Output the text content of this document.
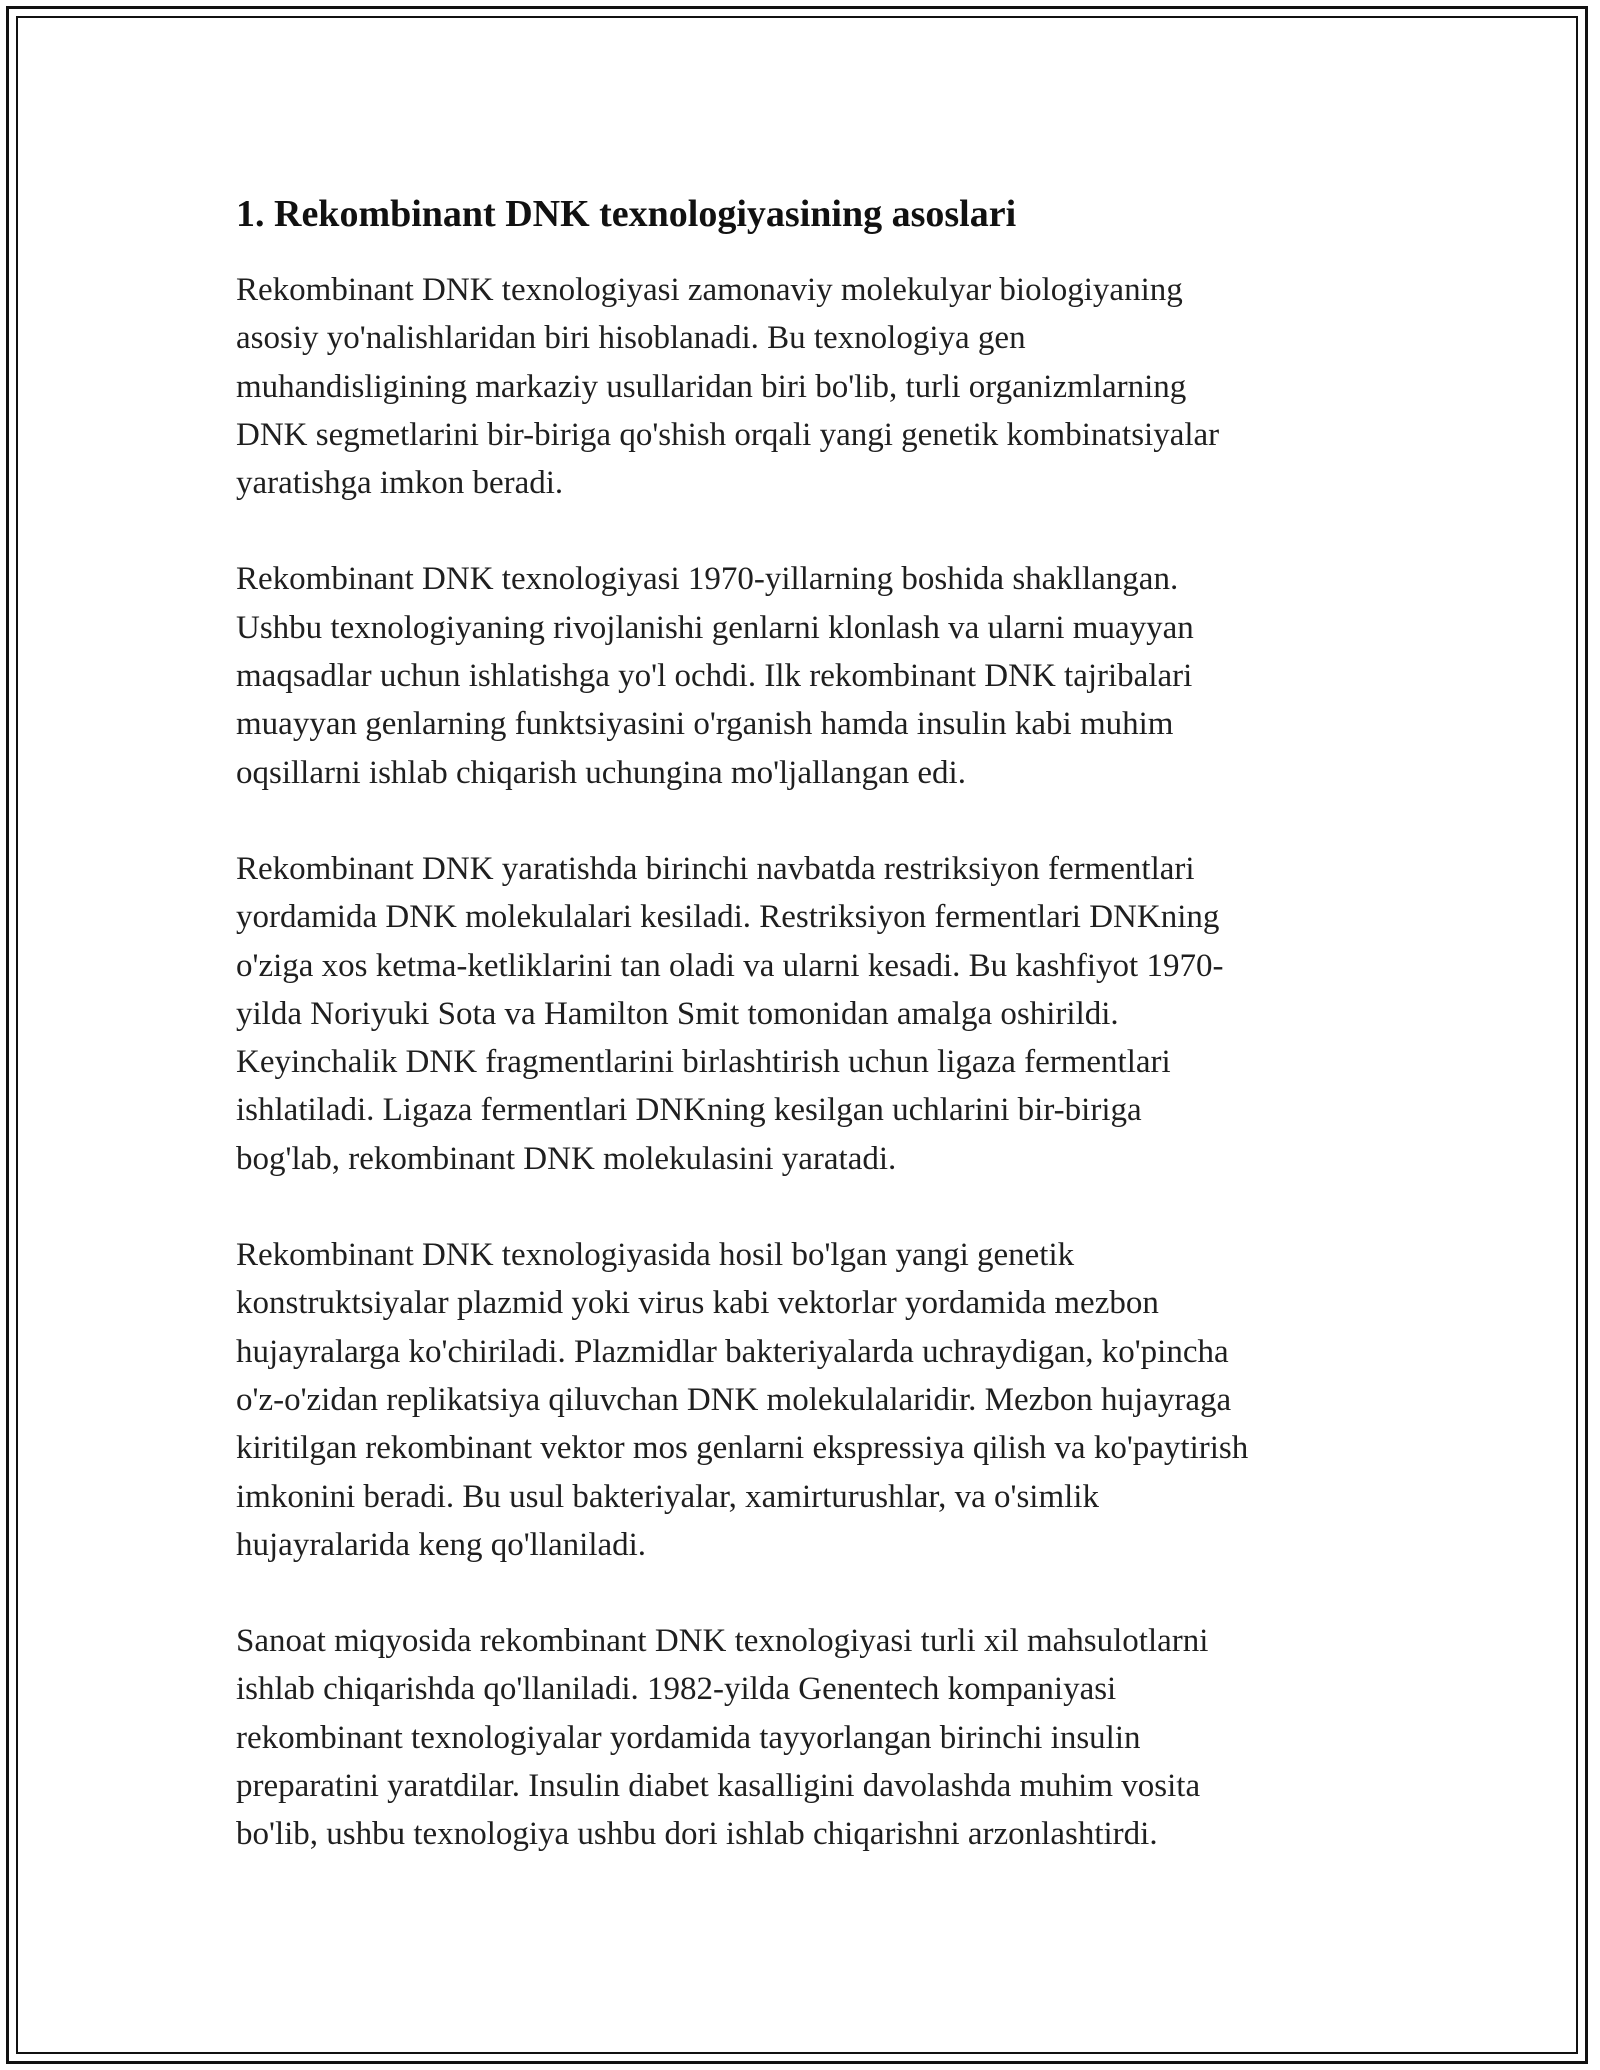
1. Rekombinant DNK texnologiyasining asoslari

Rekombinant DNK texnologiyasi zamonaviy molekulyar biologiyaning
asosiy yo'nalishlaridan biri hisoblanadi. Bu texnologiya gen
muhandisligining markaziy usullaridan biri bo'lib, turli organizmlarning
DNK segmetlarini bir-biriga qo'shish orqali yangi genetik kombinatsiyalar
yaratishga imkon beradi.

Rekombinant DNK texnologiyasi 1970-yillarning boshida shakllangan.
Ushbu texnologiyaning rivojlanishi genlarni klonlash va ularni muayyan
maqsadlar uchun ishlatishga yo'l ochdi. Ilk rekombinant DNK tajribalari
muayyan genlarning funktsiyasini o'rganish hamda insulin kabi muhim
oqsillarni ishlab chiqarish uchungina mo'ljallangan edi.

Rekombinant DNK yaratishda birinchi navbatda restriksiyon fermentlari
yordamida DNK molekulalari kesiladi. Restriksiyon fermentlari DNKning
o'ziga xos ketma-ketliklarini tan oladi va ularni kesadi. Bu kashfiyot 1970-
yilda Noriyuki Sota va Hamilton Smit tomonidan amalga oshirildi.
Keyinchalik DNK fragmentlarini birlashtirish uchun ligaza fermentlari
ishlatiladi. Ligaza fermentlari DNKning kesilgan uchlarini bir-biriga
bog'lab, rekombinant DNK molekulasini yaratadi.

Rekombinant DNK texnologiyasida hosil bo'lgan yangi genetik
konstruktsiyalar plazmid yoki virus kabi vektorlar yordamida mezbon
hujayralarga ko'chiriladi. Plazmidlar bakteriyalarda uchraydigan, ko'pincha
o'z-o'zidan replikatsiya qiluvchan DNK molekulalaridir. Mezbon hujayraga
kiritilgan rekombinant vektor mos genlarni ekspressiya qilish va ko'paytirish
imkonini beradi. Bu usul bakteriyalar, xamirturushlar, va o'simlik
hujayralarida keng qo'llaniladi.

Sanoat miqyosida rekombinant DNK texnologiyasi turli xil mahsulotlarni
ishlab chiqarishda qo'llaniladi. 1982-yilda Genentech kompaniyasi
rekombinant texnologiyalar yordamida tayyorlangan birinchi insulin
preparatini yaratdilar. Insulin diabet kasalligini davolashda muhim vosita
bo'lib, ushbu texnologiya ushbu dori ishlab chiqarishni arzonlashtirdi.
